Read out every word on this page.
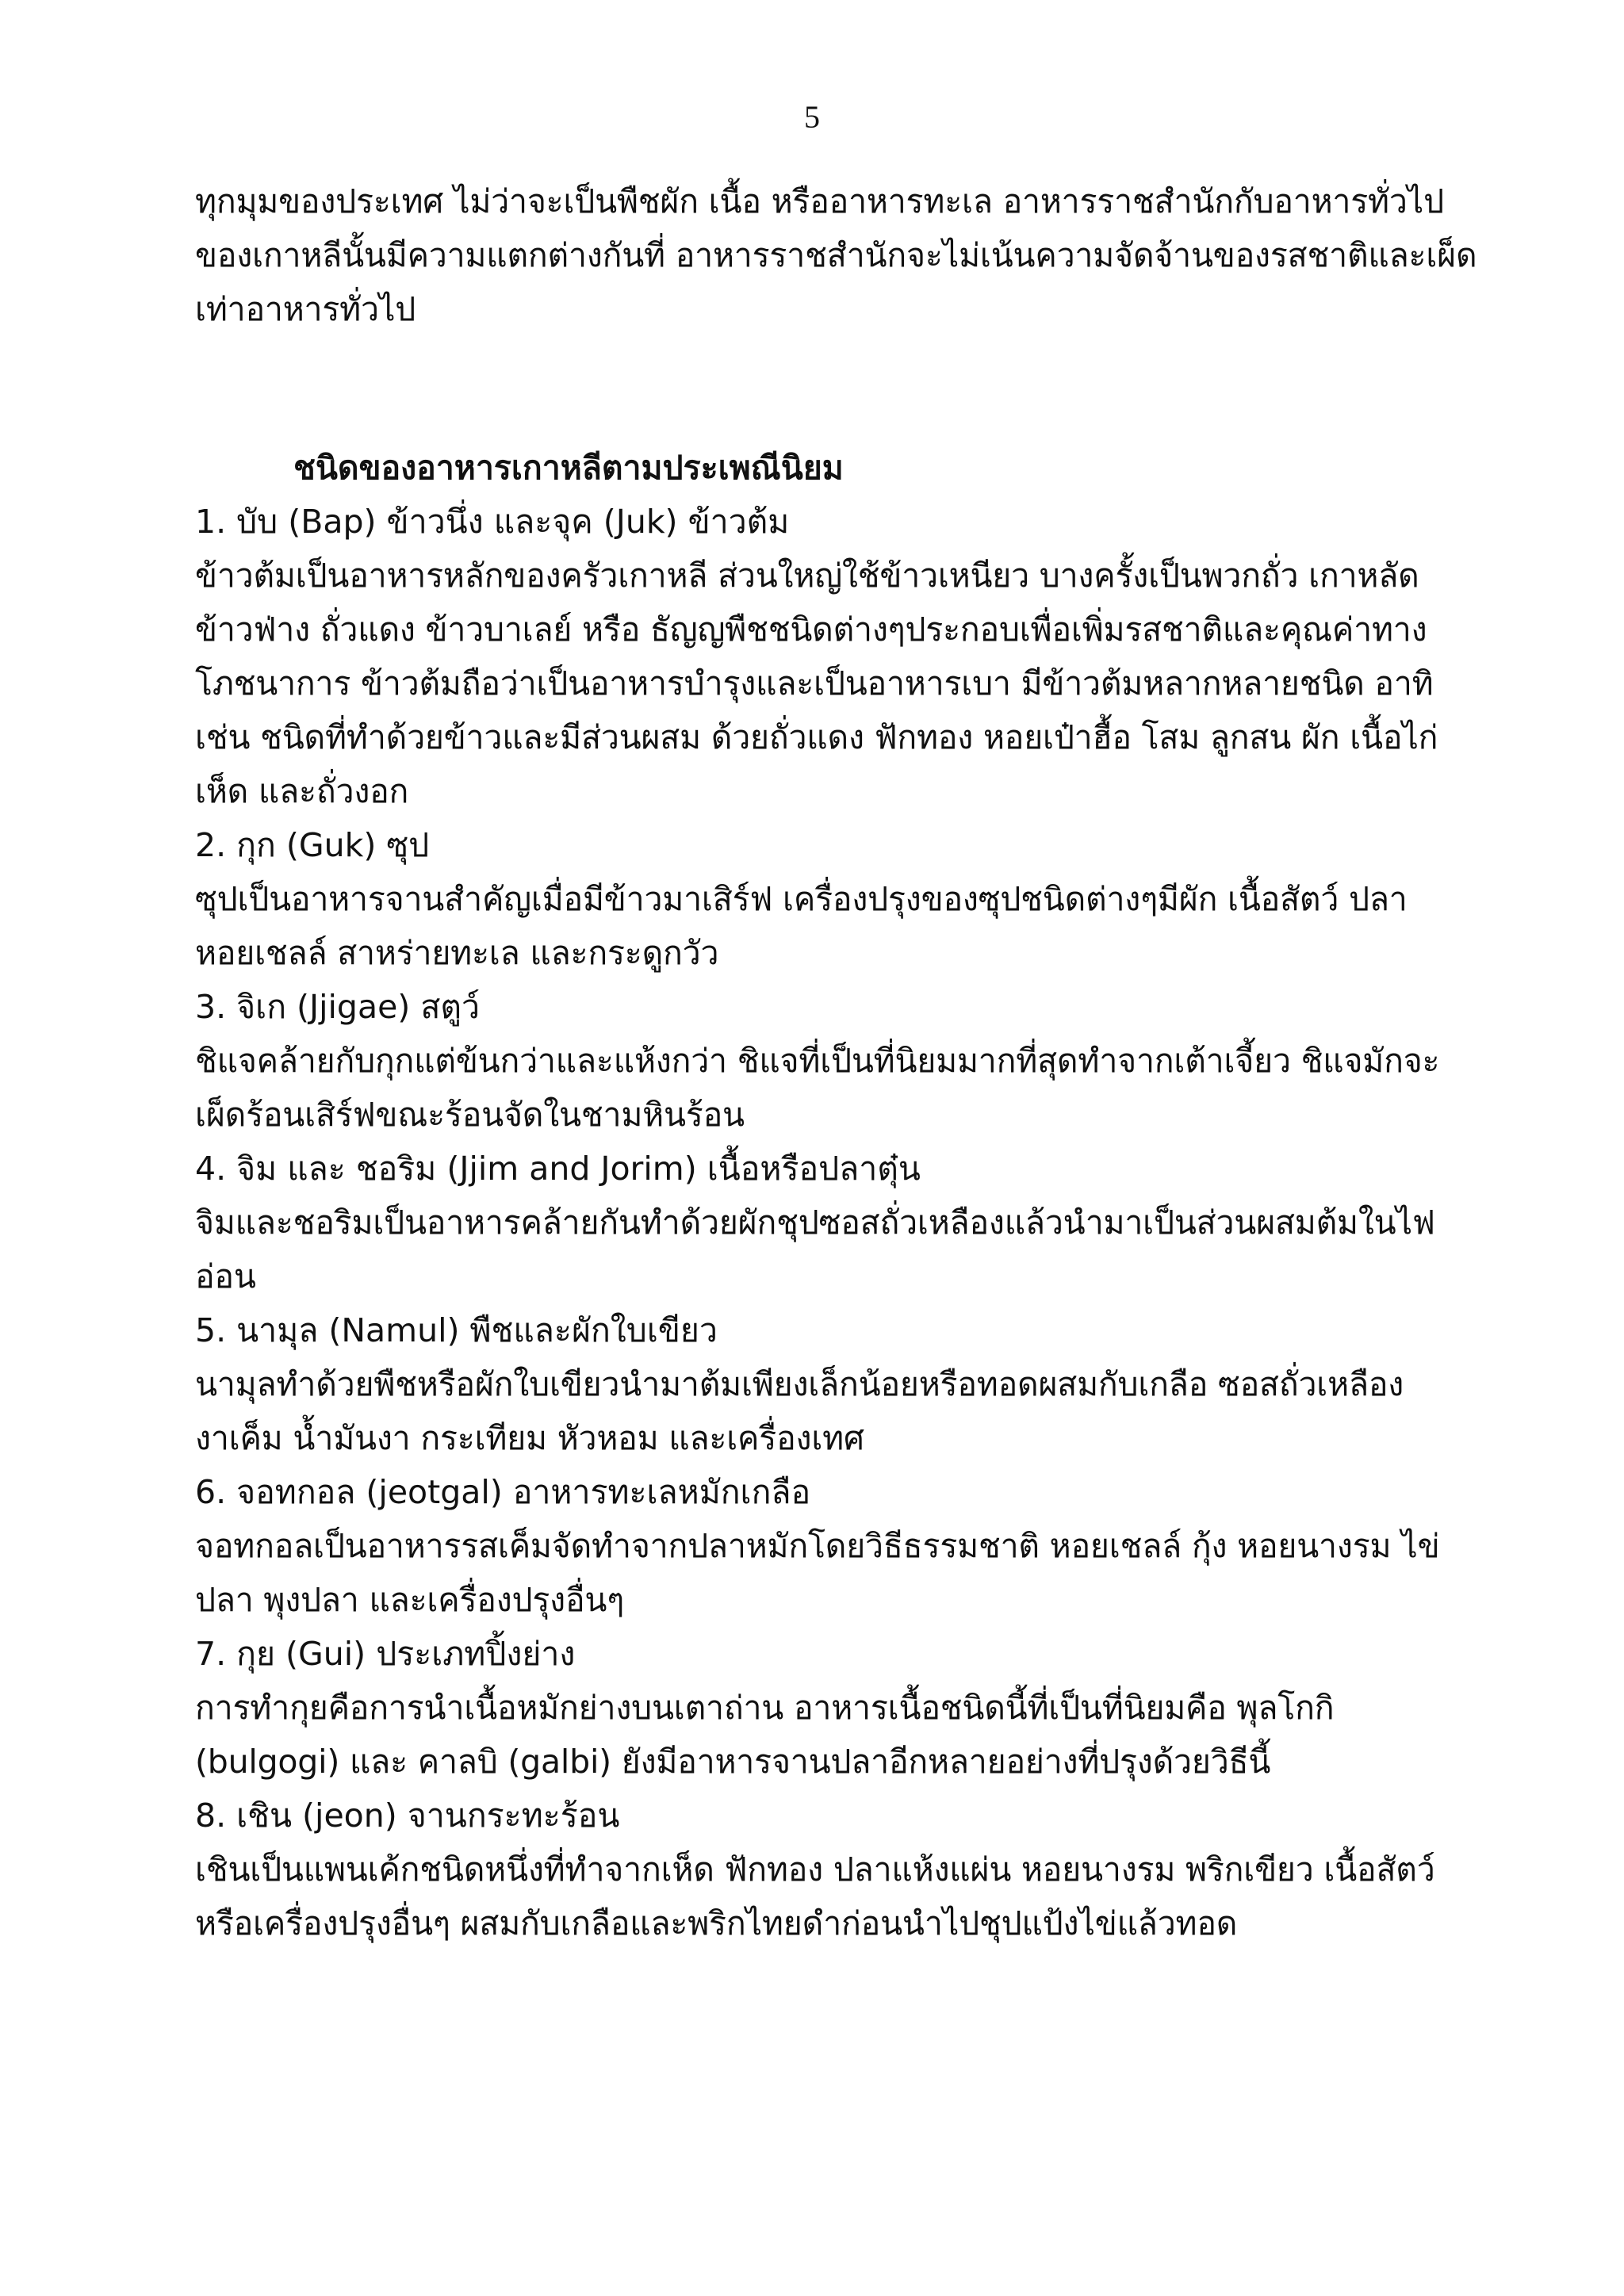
5

ทุกมุมของประเทศ ไม่ว่าจะเป็นพืชผัก เนื้อ หรืออาหารทะเล อาหารราชสำนักกับอาหารทั่วไป

ของเกาหลีนั้นมีความแตกต่างกันที่ อาหารราชสำนักจะไม่เน้นความจัดจ้านของรสชาติและเผ็ด

เท่าอาหารทั่วไป

ชนิดของอาหารเกาหลีตามประเพณีนิยม

1. บับ (Bap) ข้าวนึ่ง และจุค (Juk) ข้าวต้ม

ข้าวต้มเป็นอาหารหลักของครัวเกาหลี ส่วนใหญ่ใช้ข้าวเหนียว บางครั้งเป็นพวกถั่ว เกาหลัด

ข้าวฟ่าง ถั่วแดง ข้าวบาเลย์ หรือ ธัญญพืชชนิดต่างๆประกอบเพื่อเพิ่มรสชาติและคุณค่าทาง

โภชนาการ ข้าวต้มถือว่าเป็นอาหารบำรุงและเป็นอาหารเบา มีข้าวต้มหลากหลายชนิด อาทิ

เช่น ชนิดที่ทำด้วยข้าวและมีส่วนผสม ด้วยถั่วแดง ฟักทอง หอยเป๋าฮื้อ โสม ลูกสน ผัก เนื้อไก่

เห็ด และถั่วงอก

2. กุก (Guk) ซุป

ซุปเป็นอาหารจานสำคัญเมื่อมีข้าวมาเสิร์ฟ เครื่องปรุงของซุปชนิดต่างๆมีผัก เนื้อสัตว์ ปลา

หอยเชลล์ สาหร่ายทะเล และกระดูกวัว

3. จิเก (Jjigae) สตูว์

ชิแจคล้ายกับกุกแต่ข้นกว่าและแห้งกว่า ชิแจที่เป็นที่นิยมมากที่สุดทำจากเต้าเจี้ยว ชิแจมักจะ

เผ็ดร้อนเสิร์ฟขณะร้อนจัดในชามหินร้อน

4. จิม และ ชอริม (Jjim and Jorim) เนื้อหรือปลาตุ๋น

จิมและชอริมเป็นอาหารคล้ายกันทำด้วยผักชุปซอสถั่วเหลืองแล้วนำมาเป็นส่วนผสมต้มในไฟ

อ่อน

5. นามุล (Namul) พืชและผักใบเขียว

นามุลทำด้วยพืชหรือผักใบเขียวนำมาต้มเพียงเล็กน้อยหรือทอดผสมกับเกลือ ซอสถั่วเหลือง

งาเค็ม น้ำมันงา กระเทียม หัวหอม และเครื่องเทศ

6. จอทกอล (jeotgal) อาหารทะเลหมักเกลือ

จอทกอลเป็นอาหารรสเค็มจัดทำจากปลาหมักโดยวิธีธรรมชาติ หอยเชลล์ กุ้ง หอยนางรม ไข่

ปลา พุงปลา และเครื่องปรุงอื่นๆ

7. กุย (Gui) ประเภทปิ้งย่าง

การทำกุยคือการนำเนื้อหมักย่างบนเตาถ่าน อาหารเนื้อชนิดนี้ที่เป็นที่นิยมคือ พุลโกกิ

(bulgogi) และ คาลบิ (galbi) ยังมีอาหารจานปลาอีกหลายอย่างที่ปรุงด้วยวิธีนี้

8. เชิน (jeon) จานกระทะร้อน

เชินเป็นแพนเค้กชนิดหนึ่งที่ทำจากเห็ด ฟักทอง ปลาแห้งแผ่น หอยนางรม พริกเขียว เนื้อสัตว์

หรือเครื่องปรุงอื่นๆ ผสมกับเกลือและพริกไทยดำก่อนนำไปชุปแป้งไข่แล้วทอด
